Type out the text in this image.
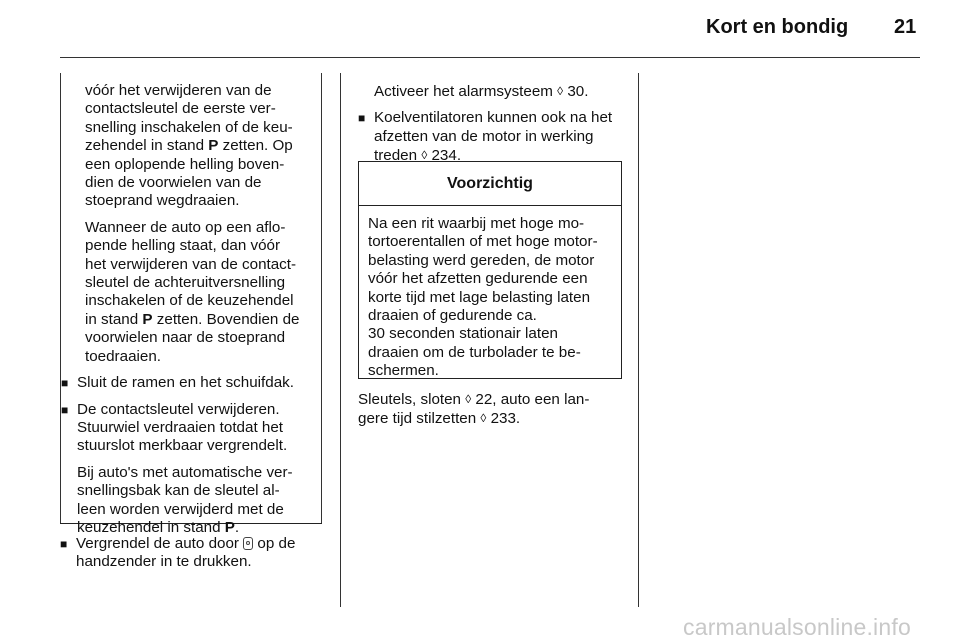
Kort en bondig 21

vóór het verwijderen van de
contactsleutel de eerste ver-
snelling inschakelen of de keu-
zehendel in stand P zetten. Op
een oplopende helling boven-
dien de voorwielen van de
stoeprand wegdraaien.

Wanneer de auto op een aflo-
pende helling staat, dan vóór
het verwijderen van de contact-
sleutel de achteruitversnelling
inschakelen of de keuzehendel
in stand P zetten. Bovendien de
voorwielen naar de stoeprand
toedraaien.

■ Sluit de ramen en het schuifdak.
■ De contactsleutel verwijderen.
Stuurwiel verdraaien totdat het
stuurslot merkbaar vergrendelt.

Bij auto's met automatische ver-
snellingsbak kan de sleutel al-
leen worden verwijderd met de
keuzehendel in stand P.

■ Vergrendel de auto door  op de
handzender in te drukken.

Activeer het alarmsysteem ◊ 30.

■ Koelventilatoren kunnen ook na het
afzetten van de motor in werking
treden ◊ 234.
Voorzichtig
Na een rit waarbij met hoge mo-
tortoerentallen of met hoge motor-
belasting werd gereden, de motor
vóór het afzetten gedurende een
korte tijd met lage belasting laten
draaien of gedurende ca.
30 seconden stationair laten
draaien om de turbolader te be-
schermen.
Sleutels, sloten ◊ 22, auto een lan-
gere tijd stilzetten ◊ 233.
carmanualsonline.info
